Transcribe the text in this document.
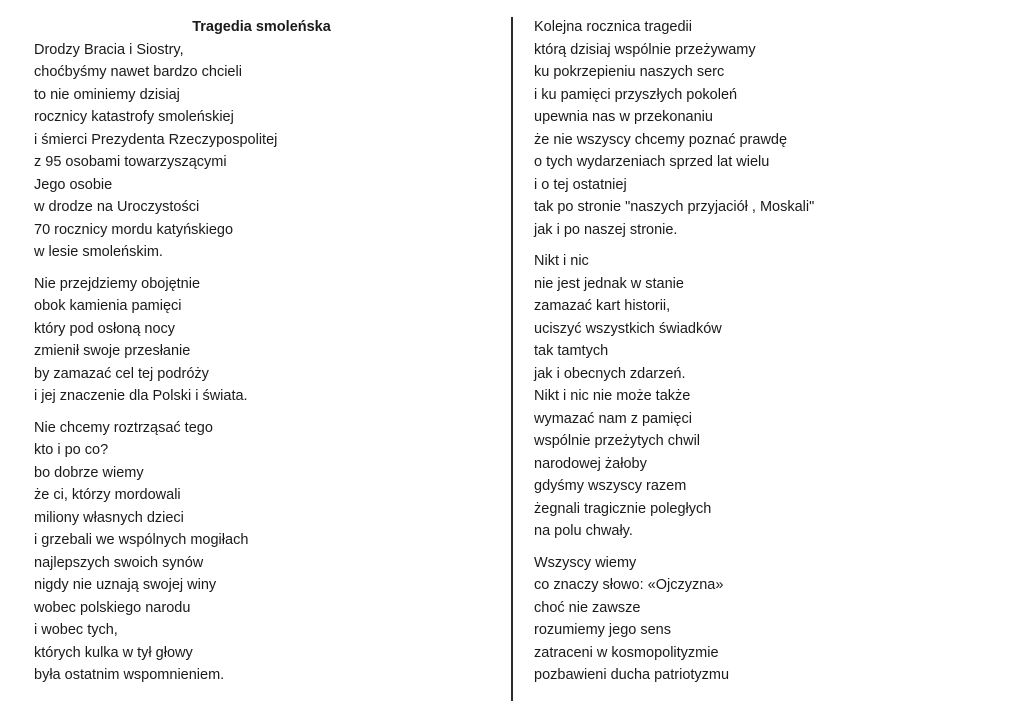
Tragedia smoleńska
Drodzy Bracia i Siostry,
choćbyśmy nawet bardzo chcieli
to nie ominiemy dzisiaj
rocznicy katastrofy smoleńskiej
i śmierci Prezydenta Rzeczypospolitej
z 95 osobami towarzyszącymi
Jego osobie
w drodze na Uroczystości
70 rocznicy mordu katyńskiego
w lesie smoleńskim.
Nie przejdziemy obojętnie
obok kamienia pamięci
który pod osłoną nocy
zmienił swoje przesłanie
by zamazać cel tej podróży
i jej znaczenie dla Polski i świata.
Nie chcemy roztrząsać tego
kto i po co?
bo dobrze wiemy
że ci, którzy mordowali
miliony własnych dzieci
i grzebali we wspólnych mogiłach
najlepszych swoich synów
nigdy nie uznają swojej winy
wobec polskiego narodu
i wobec tych,
których kulka w tył głowy
była ostatnim wspomnieniem.
Kolejna rocznica tragedii
którą dzisiaj wspólnie przeżywamy
ku pokrzepieniu naszych serc
i ku pamięci przyszłych pokoleń
upewnia nas w przekonaniu
że nie wszyscy chcemy poznać prawdę
o tych wydarzeniach sprzed lat wielu
i o tej ostatniej
tak po stronie "naszych przyjaciół , Moskali"
jak i po naszej stronie.
Nikt i nic
nie jest jednak w stanie
zamazać kart historii,
uciszyć wszystkich świadków
tak tamtych
jak i obecnych zdarzeń.
Nikt i nic nie może także
wymazać nam z pamięci
wspólnie przeżytych chwil
narodowej żałoby
gdyśmy wszyscy razem
żegnali tragicznie poległych
na polu chwały.
Wszyscy wiemy
co znaczy słowo: «Ojczyzna»
choć nie zawsze
rozumiemy jego sens
zatraceni w kosmopolityzmie
pozbawieni ducha patriotyzmu
